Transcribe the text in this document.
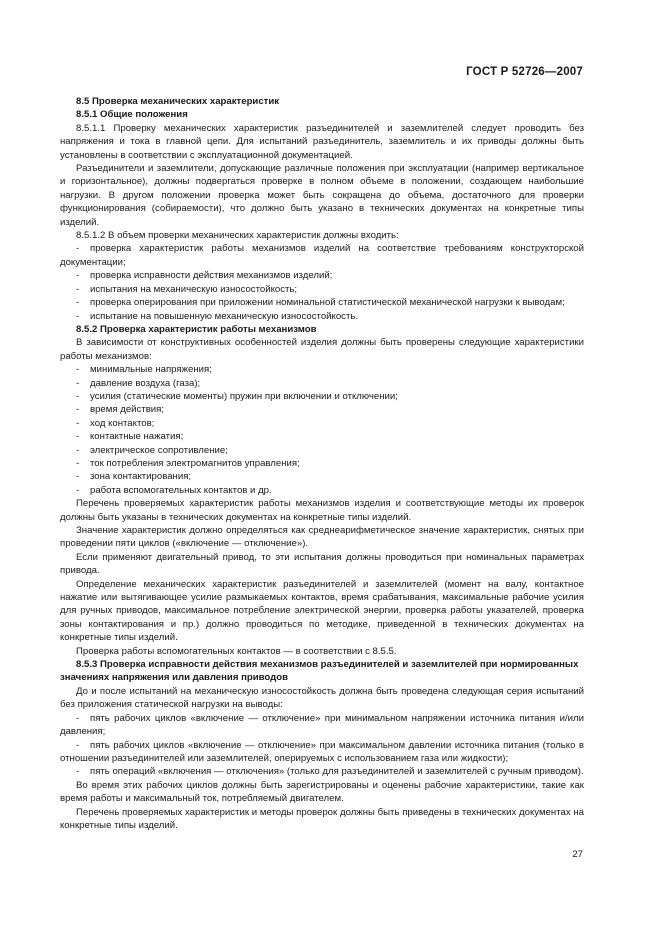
ГОСТ Р 52726—2007
8.5 Проверка механических характеристик
8.5.1 Общие положения
8.5.1.1 Проверку механических характеристик разъединителей и заземлителей следует проводить без напряжения и тока в главной цепи. Для испытаний разъединитель, заземлитель и их приводы должны быть установлены в соответствии с эксплуатационной документацией.
Разъединители и заземлители, допускающие различные положения при эксплуатации (например вертикальное и горизонтальное), должны подвергаться проверке в полном объеме в положении, создающем наибольшие нагрузки. В другом положении проверка может быть сокращена до объема, достаточного для проверки функционирования (собираемости), что должно быть указано в технических документах на конкретные типы изделий.
8.5.1.2 В объем проверки механических характеристик должны входить:
- проверка характеристик работы механизмов изделий на соответствие требованиям конструкторской документации;
- проверка исправности действия механизмов изделий;
- испытания на механическую износостойкость;
- проверка оперирования при приложении номинальной статистической механической нагрузки к выводам;
- испытание на повышенную механическую износостойкость.
8.5.2 Проверка характеристик работы механизмов
В зависимости от конструктивных особенностей изделия должны быть проверены следующие характеристики работы механизмов:
- минимальные напряжения;
- давление воздуха (газа);
- усилия (статические моменты) пружин при включении и отключении;
- время действия;
- ход контактов;
- контактные нажатия;
- электрическое сопротивление;
- ток потребления электромагнитов управления;
- зона контактирования;
- работа вспомогательных контактов и др.
Перечень проверяемых характеристик работы механизмов изделия и соответствующие методы их проверок должны быть указаны в технических документах на конкретные типы изделий.
Значение характеристик должно определяться как среднеарифметическое значение характеристик, снятых при проведении пяти циклов («включение — отключение»).
Если применяют двигательный привод, то эти испытания должны проводиться при номинальных параметрах привода.
Определение механических характеристик разъединителей и заземлителей (момент на валу, контактное нажатие или вытягивающее усилие размыкаемых контактов, время срабатывания, максимальные рабочие усилия для ручных приводов, максимальное потребление электрической энергии, проверка работы указателей, проверка зоны контактирования и пр.) должно проводиться по методике, приведенной в технических документах на конкретные типы изделий.
Проверка работы вспомогательных контактов — в соответствии с 8.5.5.
8.5.3 Проверка исправности действия механизмов разъединителей и заземлителей при нормированных значениях напряжения или давления приводов
До и после испытаний на механическую износостойкость должна быть проведена следующая серия испытаний без приложения статической нагрузки на выводы:
- пять рабочих циклов «включение — отключение» при минимальном напряжении источника питания и/или давления;
- пять рабочих циклов «включение — отключение» при максимальном давлении источника питания (только в отношении разъединителей или заземлителей, оперируемых с использованием газа или жидкости);
- пять операций «включения — отключения» (только для разъединителей и заземлителей с ручным приводом).
Во время этих рабочих циклов должны быть зарегистрированы и оценены рабочие характеристики, такие как время работы и максимальный ток, потребляемый двигателем.
Перечень проверяемых характеристик и методы проверок должны быть приведены в технических документах на конкретные типы изделий.
27
